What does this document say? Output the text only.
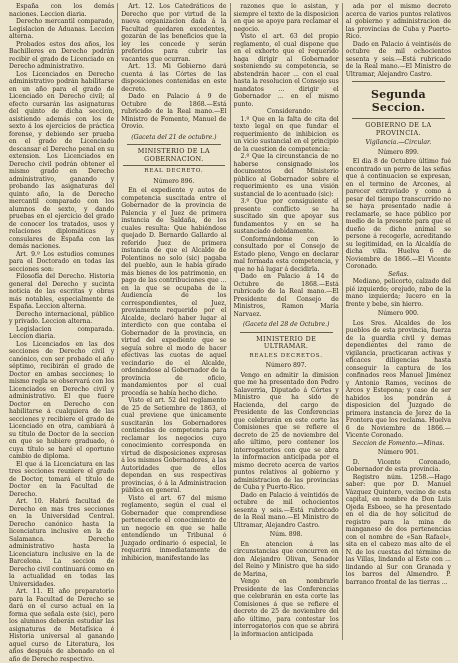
España con los demás naciones. Leccion diaria.

Derecho mercantil comparado, Legislacion de Aduanas. Leccion alterna.

Probados estos dos años, los Bachilleres en Derecho podrán recibir el grado de Licenciado en Derecho administrativo.

Los Licenciados en Derecho administrativo podrán habilitarse en un año para el grado de Licenciado en Derecho civil; al efecto cursarán las asignaturas del quinto de dicha seccion, asistiendo además con los de sexto á los ejercicios de práctica forense, y debiendo ser prueba en el grado de Licenciado descansar el Derecho penal en su extension. Los Licenciados en Derecho civil podrán obtener el mismo grado en Derecho administrativo, ganando y probando las asignaturas del quinto año, la de Derecho mercantil comparado con los alumnos de sexto, y dando pruebas en el ejercicio del grado de conocer los tratados, usos y relaciones diplomáticas y consulares de España con las demás naciones.

Art. 9.º Los estudios comunes para el Doctorado en todas las secciones son:

Filosofía del Derecho. Historia general del Derecho y sucinta noticia de las escritas y obras más notables, especialmente de España. Leccion alterna.

Derecho internacional, público y privado. Leccion alterna.

Legislacion comparada. Leccion diaria.

Los Licenciados en las dos secciones de Derecho civil y canónico, con ser probado el año séptimo, recibirán el grado de Doctor en ambas secciones; lo mismo regla se observará con los Licenciados en Derecho civil y administrativo. El que fuere Doctor en Derecho con habilitarse á cualquiera de las secciones y recibiere el grado de Licenciado en otra, cambiará á su título de Doctor de la seccion en que se hubiere graduado, ó cuya título se haré el oportuno cambio de diploma.

El que á la Licenciatura en las tres secciones reuniere el grado de Doctor, tomará el título de Doctor en la Facultad de Derecho.

Art. 10. Habrá facultad de Derecho en mas tres secciones en la Universidad Central. Derecho canónico hasta la licenciatura inclusive en la de Salamanca. Derecho administrativo hasta la Licenciatura inclusive en la de Barcelona. La seccion de Derecho civil continuará como en la actualidad en todas las Universidades.

Art. 11. El año preparatorio para la Facultad de Derecho se dará en el curso actual en la forma que señala este (sic), pero los alumnos deberán estudiar las asignaturas de Metafísica é Historia universal al ganando aquel curso de Literatura, los años después de abonado en el año de Derecho respectivo.

Art. 12. Los Catedráticos de Derecho que por virtud de la nueva organizacion dada á la Facultad quedaren excedentes, gozarán de las beneficios que la ley les concede y serán preferidos para cubrir las vacantes que ocurran.

Art. 13. Mi Gobierno dará cuenta á las Córtes de las disposiciones contenidas en este decreto.

Dado en Palacio á 9 de Octubre de 1868.—Está rubricado de la Real mano.—El Ministro de Fomento, Manuel de Orovio.

(Gaceta del 21 de octubre.)
MINISTERIO DE LA GOBERNACION.
REAL DECRETO.
Número 896.

En el expediente y autos de competencia suscitada entre el Gobernador de la provincia de Palencia y el Juez de primera instancia de Saldaña, de los cuales resulta: Que habiéndose quejado D. Bernardo Gallardo al referido Juez de primera instancia de que el Alcalde de Polentinos no solo (sic) pagaba del pueblo, aun le había girado más bienes de los patrimonio, en pago de las contribuciones que ... en la que se ocupaba de la Audiencia de los correspondientes, el Juez, previamente requerido por el Alcalde, declaró haber lugar al interdicto con que contaba el Gobernador de la provincia, en virtud del expediente que se seguía sobre el modo de hacer efectivas las cuotas de aquel vecindario de el Alcalde, ordenándose al Gobernador de la provincia de oficio, mandamientos por el cual procedía se había hecho dicho.

Visto el art. 52 del reglamento de 25 de Setiembre de 1863, el cual previene que únicamente suscitarán los Gobernadores contiendas de competencia para reclamar los negocios cuyo conocimiento corresponda en virtud de disposiciones expresas á los mismos Gobernadores, á las Autoridades que de ellos dependan en sus respectivas provincias, ó á la Administracion pública en general.

Visto el art. 67 del mismo reglamento, según el cual el Gobernador que comprendiese pertenecerle el conocimiento de un negocio en que se halle entendiendo un Tribunal ó Juzgado ordinario ó especial, le requerirá inmediatamente de inhibicion, manifestando las

razones que le asistan, y siempre el texto de la disposicion en que se apoye para reclamar el negocio.

Visto el art. 63 del propio reglamento, el cual dispone que en el exhorto que el requerido haga dirigir al Gobernador sosteniendo su competencia, se abstendrán hacer ... con el cual hasta la resolucion el Consejo sus mandatos ... dirigir el Gobernador ... en el mismo punto.

Considerando:

1.º Que en la falta de cita del texto legal en que fundar el requerimiento de inhibicion es un vicio sustancial en el principio de la cuestion de competencia:

2.º Que la circunstancia de no haberse consignado los documentos del Ministerio público al Gobernador sobre el requerimiento es una visión sustancial de lo acentuado (sic):

3.º Que por consiguiente el presente conflicto se ha suscitado sin que apoyar sus fundamentos y en se ha sustanciado debidamente.

Conformándome con lo consultado por el Consejo de Estado pleno, Vengo en declarar mal formada esta competencia, y que no há lugar á decidirla.

Dado en Palacio á 14 de Octubre de 1868.—Está rubricado de la Real mano.—El Presidente del Consejo de Ministros, Ramon María Narvaez.

(Gaceta del 28 de Octubre.)
MINISTERIO DE ULTRAMAR.
REALES DECRETOS.
Número 897.

Vengo en admitir la dimision que me ha presentado don Pedro Salaverria, Diputado á Córtes y Ministro que ha sido de Hacienda, del cargo de Presidente de las Conferencias que celebrarán en este corte las Comisiones que se refiere el decreto de 25 de noviembre del año último, pero contener los interrogatorios con que se abra la informacion anticipada por el mismo decreto acerca de varios puntos relativos al gobierno y administracion de las provincias de Cuba y Puerto-Rico.

Dado en Palacio á veintidós de octubre de mil ochocientos sesenta y seis.—Está rubricado de la Real mano.—El Ministro de Ultramar, Alejandro Castro.

Núm. 898.

En atencion á las circunstancias que concurren en don Alejandro Olivan, Senador del Reino y Ministro que ha sido de Marina,

Vengo en nombrarle Presidente de las Conferencias que celebrarán en esta corte las Comisiones á que se refiere el decreto de 25 de noviembre del año último, para contestar los interrogatorios con que se abrirá la informacion anticipada

ada por el mismo decreto acerca de varios puntos relativos al gobierno y administracion de las provincias de Cuba y Puerto-Rico.

Dado en Palacio á veintiséis de octubre de mil ochocientos sesenta y seis.—Está rubricado de la Real mano.—El Ministro de Ultramar, Alejandro Castro.

Segunda Seccion.
GOBIERNO DE LA PROVINCIA.
Vigilancia.—Circular.
Número 899.

El dia 8 de Octubre último fué encontrado un perro de las señas que á continuacion se expresan, en el termino de Arcones, al parecer extraviado y como á pesar del tiempo transcurrido no se haya presentado nadie á reclamarle, se hace público por medio de la presente para que el dueño de dicho animal se persone á recogerle, acreditando su legitimidad, en la Alcaldía de dicha villa. Huelva 6 de Noviembre de 1866.—El Vicente Coronado.

Señas.

Mediano, pelicorto, calzado del pié izquierdo; orejudo, rabo de la mano izquierda; lucero en la frente y bebe, sin hierro.

Número 900.

Los Sres. Alcaldes de los pueblos de esta provincia, fuerza de la guardia civil y demas dependientes del ramo de vigilancia, practicaran activas y eficaces diligencias hasta conseguir la captura de los confinados reos Manuel Jiménez y Antonio Ramos, vecinos de Arcos y Estepona; y caso de ser habidos los pondrán á disposicion del Juzgado de primera instancia de Jerez de la Frontera que los reclama. Huelva 6 de Noviembre de 1866.—Vicente Coronado.

Seccion de Fomento.—Minas.
Número 901.

D. Vicente Coronado, Gobernador de esta provincia.

Registro núm. 1258.—Hago saber: que por D. Manuel Vázquez Quintero, vecino de esta capital, en nombre de Don Luis Ojeda Esboeo, se ha presentado en el dia de hoy solicitud de registro para la mina de manganeso de dos pertenencias con el nombre de «San Rafael», sita en el cabezo mas alto de el N. de los cuestas del término de las Villas, lindando al Este con ... lindando al Sur con Granada y los barros del Almendro. P. barranco frontal de las tierras ...
